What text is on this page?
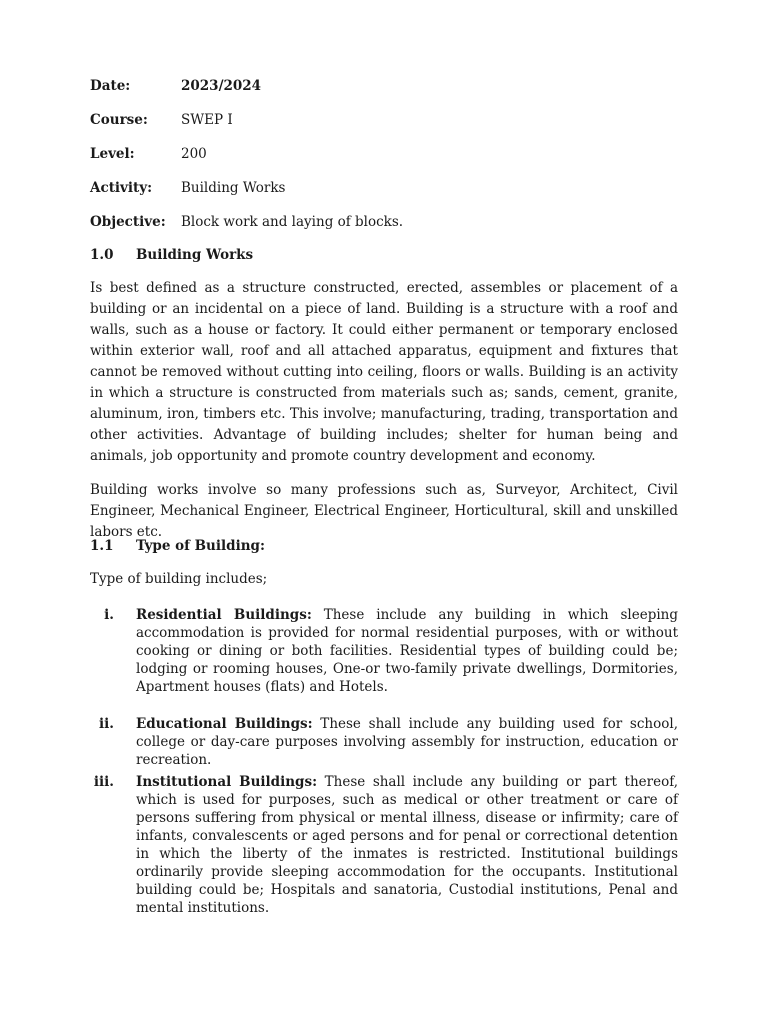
Date:	2023/2024
Course: SWEP I
Level:	200
Activity: Building Works
Objective: Block work and laying of blocks.
1.0 Building Works

Is best defined as a structure constructed, erected, assembles or placement of a building or an incidental on a piece of land. Building is a structure with a roof and walls, such as a house or factory. It could either permanent or temporary enclosed within exterior wall, roof and all attached apparatus, equipment and fixtures that cannot be removed without cutting into ceiling, floors or walls. Building is an activity in which a structure is constructed from materials such as; sands, cement, granite, aluminum, iron, timbers etc. This involve; manufacturing, trading, transportation and other activities. Advantage of building includes; shelter for human being and animals, job opportunity and promote country development and economy.

Building works involve so many professions such as, Surveyor, Architect, Civil Engineer, Mechanical Engineer, Electrical Engineer, Horticultural, skill and unskilled labors etc.

1.1 Type of Building:

Type of building includes;

i. Residential Buildings: These include any building in which sleeping accommodation is provided for normal residential purposes, with or without cooking or dining or both facilities. Residential types of building could be; lodging or rooming houses, One-or two-family private dwellings, Dormitories, Apartment houses (flats) and Hotels.

ii. Educational Buildings: These shall include any building used for school, college or day-care purposes involving assembly for instruction, education or recreation.

iii. Institutional Buildings: These shall include any building or part thereof, which is used for purposes, such as medical or other treatment or care of persons suffering from physical or mental illness, disease or infirmity; care of infants, convalescents or aged persons and for penal or correctional detention in which the liberty of the inmates is restricted. Institutional buildings ordinarily provide sleeping accommodation for the occupants. Institutional building could be; Hospitals and sanatoria, Custodial institutions, Penal and mental institutions.
